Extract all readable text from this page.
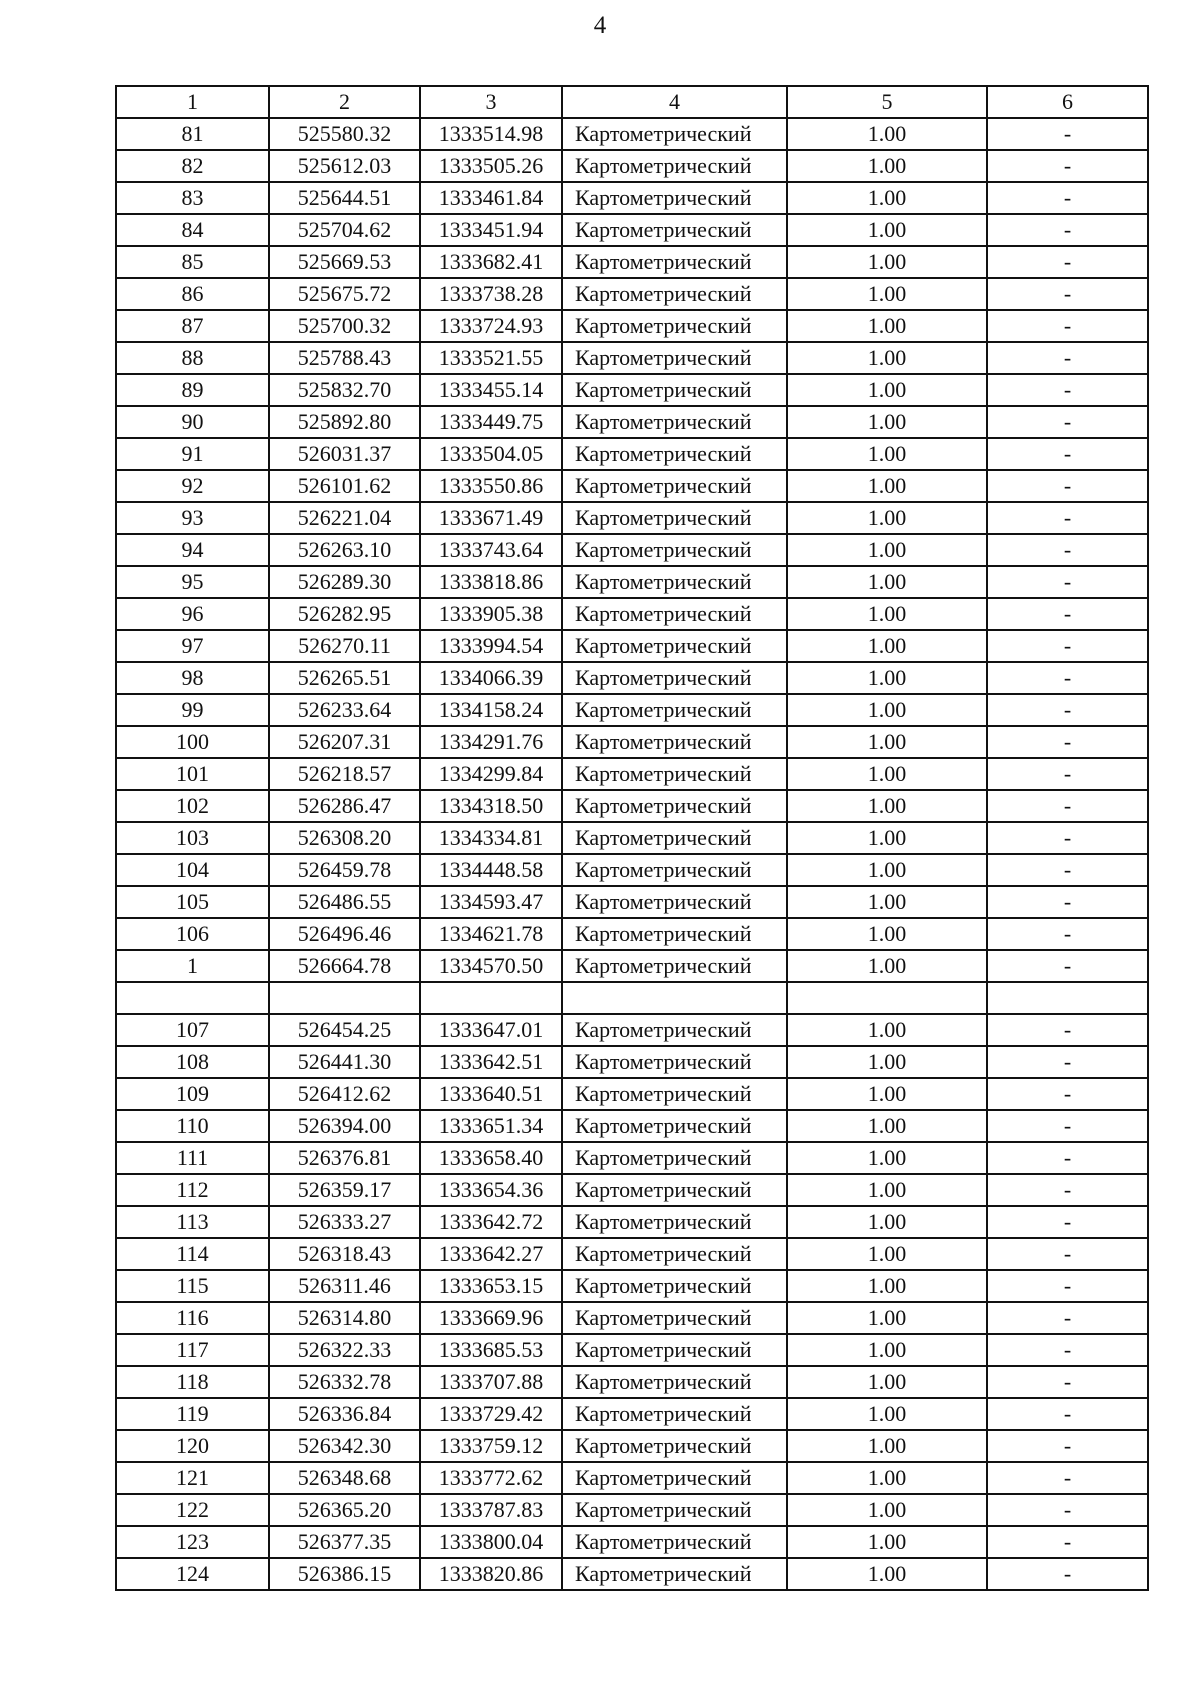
4
1	2	3	4	5	6
81	525580.32	1333514.98	Картометрический	1.00	-
82	525612.03	1333505.26	Картометрический	1.00	-
83	525644.51	1333461.84	Картометрический	1.00	-
84	525704.62	1333451.94	Картометрический	1.00	-
85	525669.53	1333682.41	Картометрический	1.00	-
86	525675.72	1333738.28	Картометрический	1.00	-
87	525700.32	1333724.93	Картометрический	1.00	-
88	525788.43	1333521.55	Картометрический	1.00	-
89	525832.70	1333455.14	Картометрический	1.00	-
90	525892.80	1333449.75	Картометрический	1.00	-
91	526031.37	1333504.05	Картометрический	1.00	-
92	526101.62	1333550.86	Картометрический	1.00	-
93	526221.04	1333671.49	Картометрический	1.00	-
94	526263.10	1333743.64	Картометрический	1.00	-
95	526289.30	1333818.86	Картометрический	1.00	-
96	526282.95	1333905.38	Картометрический	1.00	-
97	526270.11	1333994.54	Картометрический	1.00	-
98	526265.51	1334066.39	Картометрический	1.00	-
99	526233.64	1334158.24	Картометрический	1.00	-
100	526207.31	1334291.76	Картометрический	1.00	-
101	526218.57	1334299.84	Картометрический	1.00	-
102	526286.47	1334318.50	Картометрический	1.00	-
103	526308.20	1334334.81	Картометрический	1.00	-
104	526459.78	1334448.58	Картометрический	1.00	-
105	526486.55	1334593.47	Картометрический	1.00	-
106	526496.46	1334621.78	Картометрический	1.00	-
1	526664.78	1334570.50	Картометрический	1.00	-

107	526454.25	1333647.01	Картометрический	1.00	-
108	526441.30	1333642.51	Картометрический	1.00	-
109	526412.62	1333640.51	Картометрический	1.00	-
110	526394.00	1333651.34	Картометрический	1.00	-
111	526376.81	1333658.40	Картометрический	1.00	-
112	526359.17	1333654.36	Картометрический	1.00	-
113	526333.27	1333642.72	Картометрический	1.00	-
114	526318.43	1333642.27	Картометрический	1.00	-
115	526311.46	1333653.15	Картометрический	1.00	-
116	526314.80	1333669.96	Картометрический	1.00	-
117	526322.33	1333685.53	Картометрический	1.00	-
118	526332.78	1333707.88	Картометрический	1.00	-
119	526336.84	1333729.42	Картометрический	1.00	-
120	526342.30	1333759.12	Картометрический	1.00	-
121	526348.68	1333772.62	Картометрический	1.00	-
122	526365.20	1333787.83	Картометрический	1.00	-
123	526377.35	1333800.04	Картометрический	1.00	-
124	526386.15	1333820.86	Картометрический	1.00	-
